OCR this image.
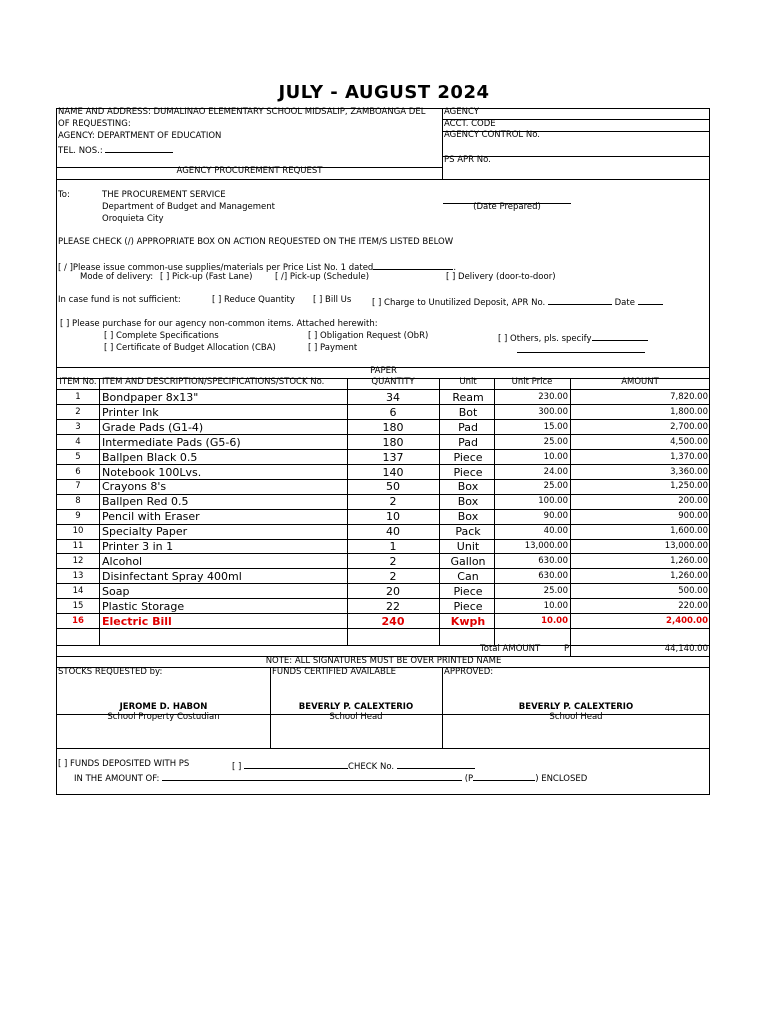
JULY - AUGUST 2024
NAME AND ADDRESS: DUMALINAO ELEMENTARY SCHOOL MIDSALIP, ZAMBOANGA DEL
OF REQUESTING:
AGENCY: DEPARTMENT OF EDUCATION
TEL. NOS.:
AGENCY PROCUREMENT REQUEST
AGENCY
ACCT. CODE
AGENCY CONTROL No.
PS APR No.
To:	THE PROCUREMENT SERVICE
Department of Budget and Management
Oroquieta City
(Date Prepared)
PLEASE CHECK (/) APPROPRIATE BOX ON ACTION REQUESTED ON THE ITEM/S LISTED BELOW
[ / ]Please issue common-use supplies/materials per Price List No. 1 dated	.
Mode of delivery: [ ] Pick-up (Fast Lane)	[ /] Pick-up (Schedule)	[ ] Delivery (door-to-door)
In case fund is not sufficient:	[ ] Reduce Quantity [ ] Bill Us [ ] Charge to Unutilized Deposit, APR No.	Date
[ ] Please purchase for our agency non-common items. Attached herewith:
[ ] Complete Specifications	[ ] Obligation Request (ObR)	[ ] Others, pls. specify
[ ] Certificate of Budget Allocation (CBA)	[ ] Payment
PAPER
ITEM No. ITEM AND DESCRIPTION/SPECIFICATIONS/STOCK No.	QUANTITY	Unit	Unit Price	AMOUNT
1	Bondpaper 8x13"	34	Ream	230.00	7,820.00
2	Printer Ink	6	Bot	300.00	1,800.00
3	Grade Pads (G1-4)	180	Pad	15.00	2,700.00
4	Intermediate Pads (G5-6)	180	Pad	25.00	4,500.00
5	Ballpen Black 0.5	137	Piece	10.00	1,370.00
6	Notebook 100Lvs.	140	Piece	24.00	3,360.00
7	Crayons 8's	50	Box	25.00	1,250.00
8	Ballpen Red 0.5	2	Box	100.00	200.00
9	Pencil with Eraser	10	Box	90.00	900.00
10	Specialty Paper	40	Pack	40.00	1,600.00
11	Printer 3 in 1	1	Unit	13,000.00	13,000.00
12	Alcohol	2	Gallon	630.00	1,260.00
13	Disinfectant Spray 400ml	2	Can	630.00	1,260.00
14	Soap	20	Piece	25.00	500.00
15	Plastic Storage	22	Piece	10.00	220.00
16	Electric Bill	240	Kwph	10.00	2,400.00
Total AMOUNT	P	44,140.00
NOTE: ALL SIGNATURES MUST BE OVER PRINTED NAME
STOCKS REQUESTED by:	FUNDS CERTIFIED AVAILABLE	APPROVED:
JEROME D. HABON	BEVERLY P. CALEXTERIO	BEVERLY P. CALEXTERIO
School Property Costudian	School Head	School Head
[ ] FUNDS DEPOSITED WITH PS	[ ]	CHECK No.
IN THE AMOUNT OF:	(P	) ENCLOSED
